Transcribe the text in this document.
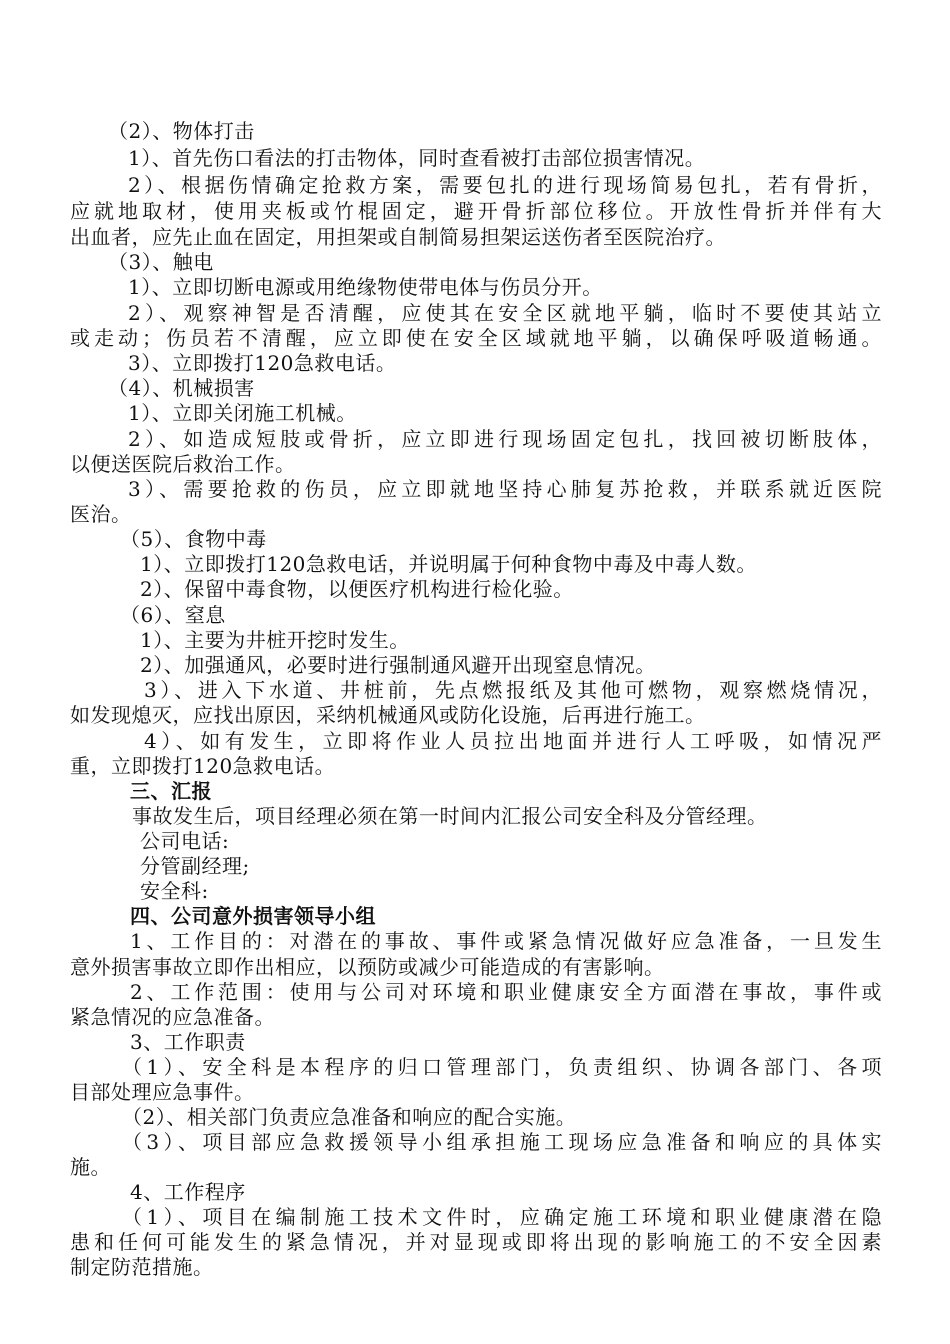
（2）、物体打击
1）、首先伤口看法的打击物体，同时查看被打击部位损害情况。
2）、根据伤情确定抢救方案，需要包扎的进行现场简易包扎，若有骨折，
应就地取材，使用夹板或竹棍固定，避开骨折部位移位。开放性骨折并伴有大
出血者，应先止血在固定，用担架或自制简易担架运送伤者至医院治疗。
（3）、触电
1）、立即切断电源或用绝缘物使带电体与伤员分开。
2）、观察神智是否清醒，应使其在安全区就地平躺，临时不要使其站立
或走动；伤员若不清醒，应立即使在安全区域就地平躺，以确保呼吸道畅通。
3）、立即拨打120急救电话。
（4）、机械损害
1）、立即关闭施工机械。
2）、如造成短肢或骨折，应立即进行现场固定包扎，找回被切断肢体，
以便送医院后救治工作。
3）、需要抢救的伤员，应立即就地坚持心肺复苏抢救，并联系就近医院
医治。
（5）、食物中毒
1）、立即拨打120急救电话，并说明属于何种食物中毒及中毒人数。
2）、保留中毒食物，以便医疗机构进行检化验。
（6）、窒息
1）、主要为井桩开挖时发生。
2）、加强通风，必要时进行强制通风避开出现窒息情况。
3）、进入下水道、井桩前，先点燃报纸及其他可燃物，观察燃烧情况，
如发现熄灭，应找出原因，采纳机械通风或防化设施，后再进行施工。
4）、如有发生，立即将作业人员拉出地面并进行人工呼吸，如情况严
重，立即拨打120急救电话。
三、汇报
事故发生后，项目经理必须在第一时间内汇报公司安全科及分管经理。
公司电话:
分管副经理;
安全科:
四、公司意外损害领导小组
1、工作目的：对潜在的事故、事件或紧急情况做好应急准备，一旦发生
意外损害事故立即作出相应，以预防或减少可能造成的有害影响。
2、工作范围：使用与公司对环境和职业健康安全方面潜在事故，事件或
紧急情况的应急准备。
3、工作职责
（1）、安全科是本程序的归口管理部门，负责组织、协调各部门、各项
目部处理应急事件。
（2）、相关部门负责应急准备和响应的配合实施。
（3）、项目部应急救援领导小组承担施工现场应急准备和响应的具体实
施。
4、工作程序
（1）、项目在编制施工技术文件时，应确定施工环境和职业健康潜在隐
患和任何可能发生的紧急情况，并对显现或即将出现的影响施工的不安全因素
制定防范措施。
